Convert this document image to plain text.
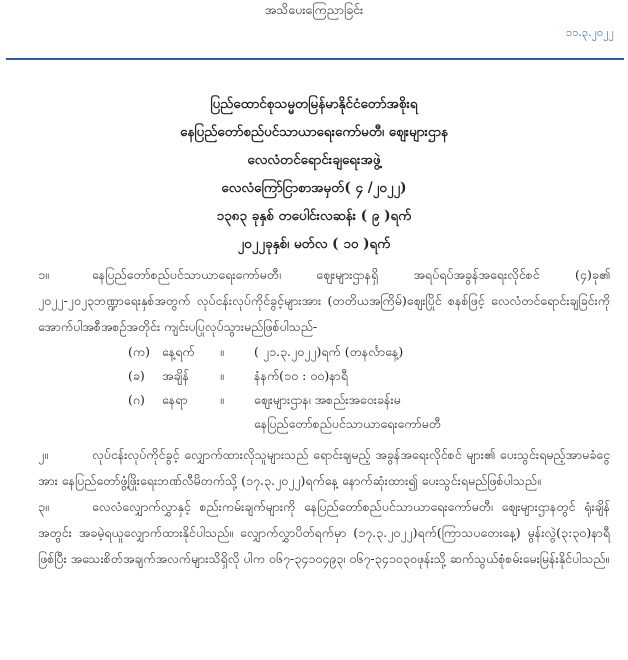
အသိပေးကြေညာခြင်း
၁၁.၃.၂၀၂၂
ပြည်ထောင်စုသမ္မတမြန်မာနိုင်ငံတော်အစိုးရ
နေပြည်တော်စည်ပင်သာယာရေးကော်မတီ၊ ဈေးများဌာန
လေလံတင်ရောင်းချရေးအဖွဲ့
လေလံကြော်ငြာစာအမှတ်( ၄ /၂၀၂၂)
၁၃၈၃ ခုနှစ် တပေါင်းလဆန်း ( ၉ )ရက်
၂၀၂၂ခုနှစ်၊ မတ်လ ( ၁၀ )ရက်
၁။	နေပြည်တော်စည်ပင်သာယာရေးကော်မတီ၊ ဈေးများဌာနရှိ အရပ်ရပ်အခွန်အရေးလိုင်စင် (၄)ခု၏ ၂၀၂၂-၂၀၂၃ဘဏ္ဍာရေးနှစ်အတွက် လုပ်ငန်းလုပ်ကိုင်ခွင့်များအား (တတိယအကြိမ်)ဈေးပြိုင် စနစ်ဖြင့် လေလံတင်ရောင်းချခြင်းကို အောက်ပါအစီအစဉ်အတိုင်း ကျင်းပပြုလုပ်သွားမည်ဖြစ်ပါသည်-
(က) နေ့ရက်	။	( ၂၁.၃.၂၀၂၂)ရက် (တနင်္လာနေ့)
(ခ)	အချိန်	။	နံနက်(၁၀ : ၀၀)နာရီ
(ဂ)	နေရာ	။	ဈေးများဌာန၊ အစည်းအဝေးခန်းမ
နေပြည်တော်စည်ပင်သာယာရေးကော်မတီ
၂။	လုပ်ငန်းလုပ်ကိုင်ခွင့် လျှောက်ထားလိုသူများသည် ရောင်းချမည့် အခွန်အရေးလိုင်စင် များ၏ ပေးသွင်းရမည့်အာမခံငွေအား နေပြည်တော်ဖွံ့ဖြိုးရေးဘဏ်လီမိတက်သို့ (၁၇.၃.၂၀၂၂)ရက်နေ့ နောက်ဆုံးထား၍ ပေးသွင်းရမည်ဖြစ်ပါသည်။
၃။	လေလံလျှောက်လွှာနှင့် စည်းကမ်းချက်များကို နေပြည်တော်စည်ပင်သာယာရေးကော်မတီ၊ ဈေးများဌာနတွင် ရုံးချိန်အတွင်း အခမဲ့ရယူလျှောက်ထားနိုင်ပါသည်။ လျှောက်လွှာပိတ်ရက်မှာ (၁၇.၃.၂၀၂၂)ရက်(ကြာသပတေးနေ့) မွန်းလွဲ(၃:၃၀)နာရီဖြစ်ပြီး အသေးစိတ်အချက်အလက်များသိရှိလို ပါက ၀၆၇-၃၄၁၀၄၉၃၊ ၀၆၇-၃၄၁၀၃၀ဖုန်းသို့ ဆက်သွယ်စုံစမ်းမေးမြန်းနိုင်ပါသည်။
